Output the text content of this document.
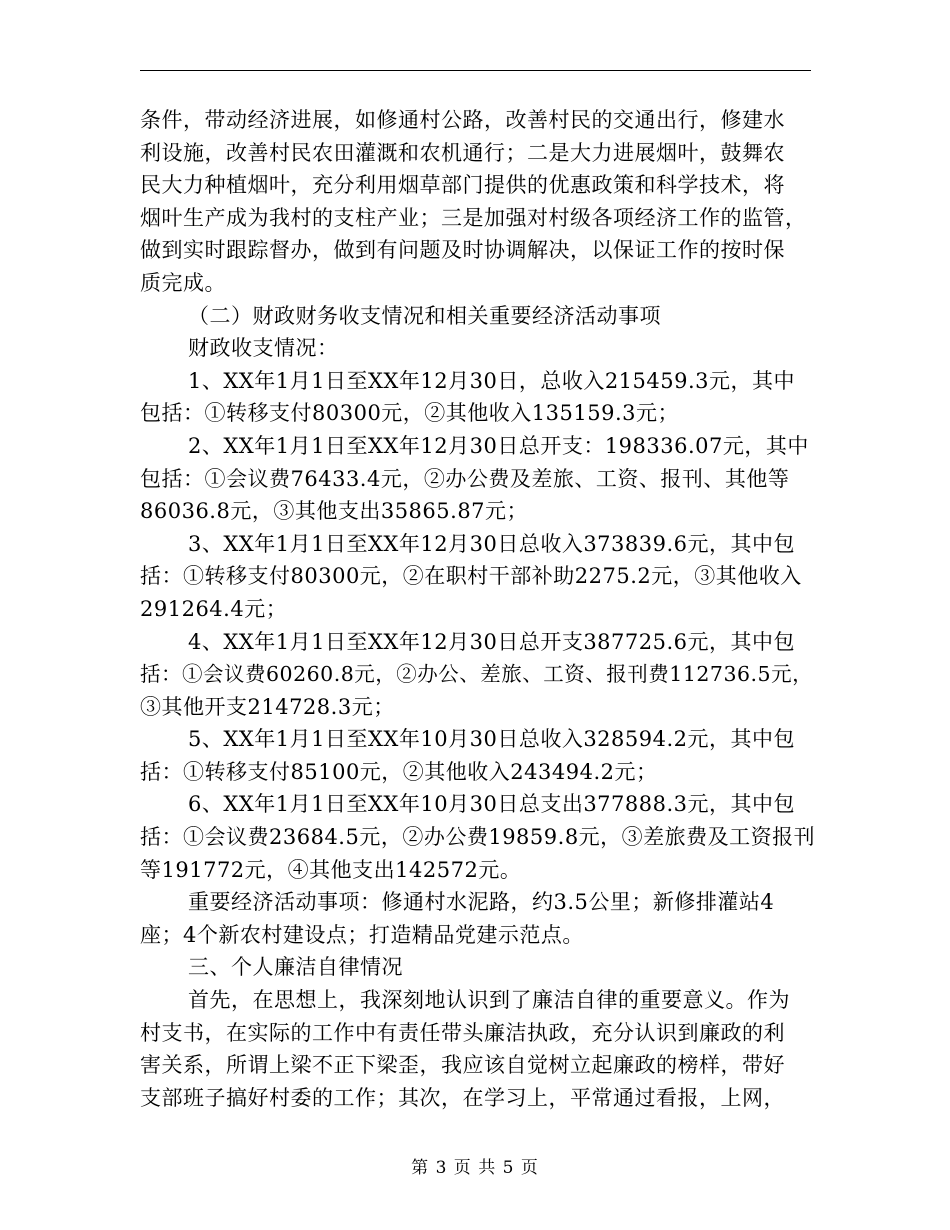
条件，带动经济进展，如修通村公路，改善村民的交通出行，修建水
利设施，改善村民农田灌溉和农机通行；二是大力进展烟叶，鼓舞农
民大力种植烟叶，充分利用烟草部门提供的优惠政策和科学技术，将
烟叶生产成为我村的支柱产业；三是加强对村级各项经济工作的监管，
做到实时跟踪督办，做到有问题及时协调解决，以保证工作的按时保
质完成。
（二）财政财务收支情况和相关重要经济活动事项
财政收支情况：
1、XX年1月1日至XX年12月30日，总收入215459.3元，其中
包括：①转移支付80300元，②其他收入135159.3元；
2、XX年1月1日至XX年12月30日总开支：198336.07元，其中
包括：①会议费76433.4元，②办公费及差旅、工资、报刊、其他等
86036.8元，③其他支出35865.87元；
3、XX年1月1日至XX年12月30日总收入373839.6元，其中包
括：①转移支付80300元，②在职村干部补助2275.2元，③其他收入
291264.4元；
4、XX年1月1日至XX年12月30日总开支387725.6元，其中包
括：①会议费60260.8元，②办公、差旅、工资、报刊费112736.5元，
③其他开支214728.3元；
5、XX年1月1日至XX年10月30日总收入328594.2元，其中包
括：①转移支付85100元，②其他收入243494.2元；
6、XX年1月1日至XX年10月30日总支出377888.3元，其中包
括：①会议费23684.5元，②办公费19859.8元，③差旅费及工资报刊
等191772元，④其他支出142572元。
重要经济活动事项：修通村水泥路，约3.5公里；新修排灌站4
座；4个新农村建设点；打造精品党建示范点。
三、个人廉洁自律情况
首先，在思想上，我深刻地认识到了廉洁自律的重要意义。作为
村支书，在实际的工作中有责任带头廉洁执政，充分认识到廉政的利
害关系，所谓上梁不正下梁歪，我应该自觉树立起廉政的榜样，带好
支部班子搞好村委的工作；其次，在学习上，平常通过看报，上网，
第 3 页 共 5 页
